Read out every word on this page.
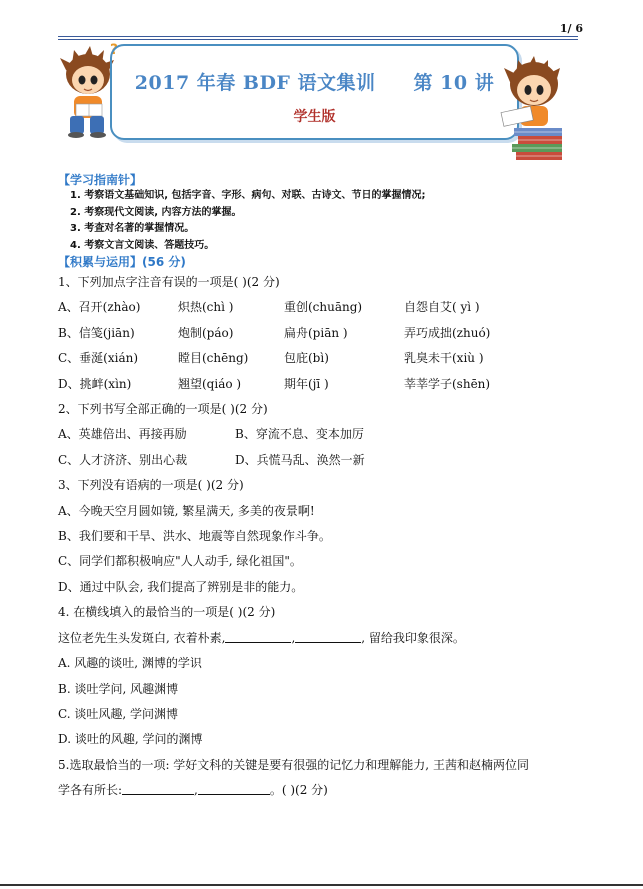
1/ 6
?
2017 年春 BDF 语文集训 第 10 讲
学生版
【学习指南针】
1. 考察语文基础知识, 包括字音、字形、病句、对联、古诗文、节日的掌握情况;
2. 考察现代文阅读, 内容方法的掌握。
3. 考查对名著的掌握情况。
4. 考察文言文阅读、答题技巧。
【积累与运用】(56 分)
1、下列加点字注音有误的一项是( )(2 分)
A、召开(zhào)	炽热(chì )	重创(chuāng)	自怨自艾( yì )
B、信笺(jiān)	炮制(páo)	扁舟(piān )	弄巧成拙(zhuó)
C、垂涎(xián)	瞠目(chēng)	包庇(bì)	乳臭未干(xiù )
D、挑衅(xìn)	翘望(qiáo )	期年(jī )	莘莘学子(shēn)
2、下列书写全部正确的一项是( )(2 分)
A、英雄倍出、再接再励	B、穿流不息、变本加厉
C、人才济济、别出心裁	D、兵慌马乱、涣然一新
3、下列没有语病的一项是( )(2 分)
A、今晚天空月圆如镜, 繁星满天, 多美的夜景啊!
B、我们要和干旱、洪水、地震等自然现象作斗争。
C、同学们都积极响应"人人动手, 绿化祖国"。
D、通过中队会, 我们提高了辨别是非的能力。
4. 在横线填入的最恰当的一项是( )(2 分)
这位老先生头发斑白, 衣着朴素,	,	, 留给我印象很深。
A. 风趣的谈吐, 渊博的学识
B. 谈吐学问, 风趣渊博
C. 谈吐风趣, 学问渊博
D. 谈吐的风趣, 学问的渊博
5.选取最恰当的一项: 学好文科的关键是要有很强的记忆力和理解能力, 王茜和赵楠两位同
学各有所长:	,	。( )(2 分)
